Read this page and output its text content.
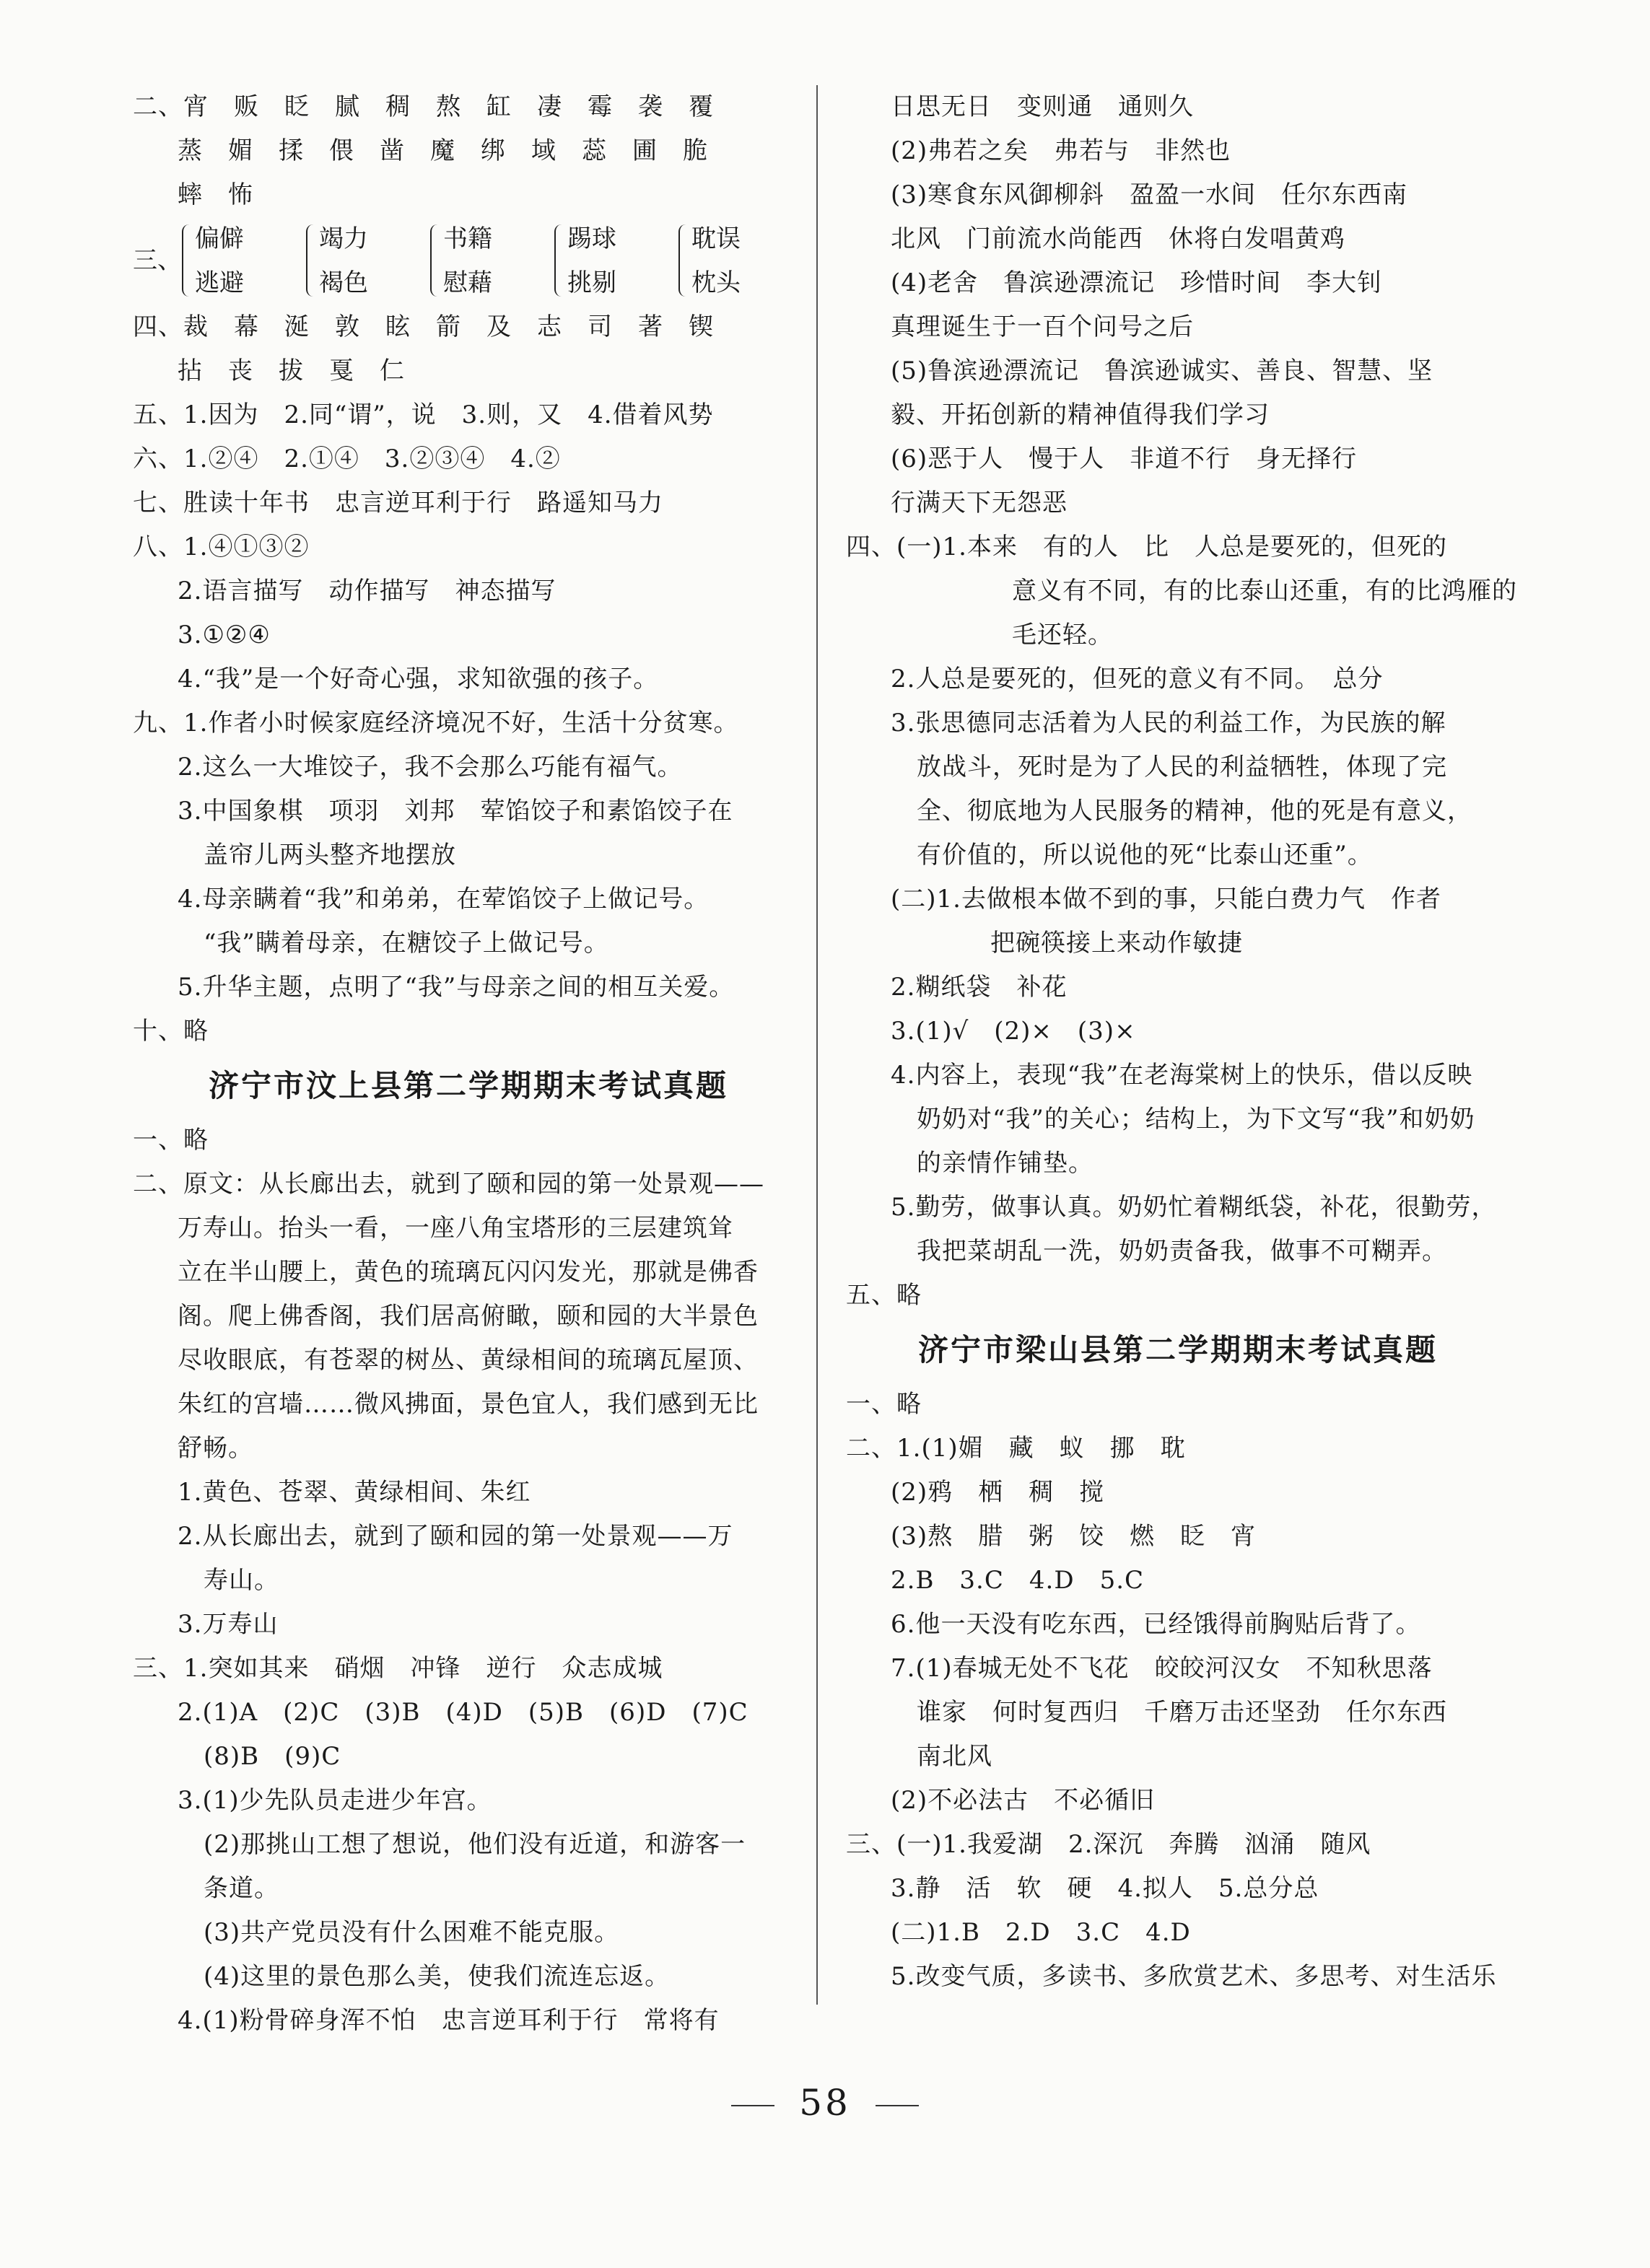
二、宵　贩　眨　腻　稠　熬　缸　凄　霉　袭　覆
蒸　媚　揉　偎　凿　魔　绑　域　蕊　圃　脆
蟀　怖
三、
偏僻
逃避
竭力
褐色
书籍
慰藉
踢球
挑剔
耽误
枕头
四、裁　幕　涎　敦　眩　箭　及　志　司　著　锲
拈　丧　拔　戛　仁
五、1.因为　2.同“谓”，说　3.则，又　4.借着风势
六、1.②④　2.①④　3.②③④　4.②
七、胜读十年书　忠言逆耳利于行　路遥知马力
八、1.④①③②
2.语言描写　动作描写　神态描写
3.①②④
4.“我”是一个好奇心强，求知欲强的孩子。
九、1.作者小时候家庭经济境况不好，生活十分贫寒。
2.这么一大堆饺子，我不会那么巧能有福气。
3.中国象棋　项羽　刘邦　荤馅饺子和素馅饺子在
盖帘儿两头整齐地摆放
4.母亲瞒着“我”和弟弟，在荤馅饺子上做记号。
“我”瞒着母亲，在糖饺子上做记号。
5.升华主题，点明了“我”与母亲之间的相互关爱。
十、略
济宁市汶上县第二学期期末考试真题
一、略
二、原文：从长廊出去，就到了颐和园的第一处景观——
万寿山。抬头一看，一座八角宝塔形的三层建筑耸
立在半山腰上，黄色的琉璃瓦闪闪发光，那就是佛香
阁。爬上佛香阁，我们居高俯瞰，颐和园的大半景色
尽收眼底，有苍翠的树丛、黄绿相间的琉璃瓦屋顶、
朱红的宫墙……微风拂面，景色宜人，我们感到无比
舒畅。
1.黄色、苍翠、黄绿相间、朱红
2.从长廊出去，就到了颐和园的第一处景观——万
寿山。
3.万寿山
三、1.突如其来　硝烟　冲锋　逆行　众志成城
2.(1)A　(2)C　(3)B　(4)D　(5)B　(6)D　(7)C
(8)B　(9)C
3.(1)少先队员走进少年宫。
(2)那挑山工想了想说，他们没有近道，和游客一
条道。
(3)共产党员没有什么困难不能克服。
(4)这里的景色那么美，使我们流连忘返。
4.(1)粉骨碎身浑不怕　忠言逆耳利于行　常将有
日思无日　变则通　通则久
(2)弗若之矣　弗若与　非然也
(3)寒食东风御柳斜　盈盈一水间　任尔东西南
北风　门前流水尚能西　休将白发唱黄鸡
(4)老舍　鲁滨逊漂流记　珍惜时间　李大钊
真理诞生于一百个问号之后
(5)鲁滨逊漂流记　鲁滨逊诚实、善良、智慧、坚
毅、开拓创新的精神值得我们学习
(6)恶于人　慢于人　非道不行　身无择行
行满天下无怨恶
四、(一)1.本来　有的人　比　人总是要死的，但死的
意义有不同，有的比泰山还重，有的比鸿雁的
毛还轻。
2.人总是要死的，但死的意义有不同。　总分
3.张思德同志活着为人民的利益工作，为民族的解
放战斗，死时是为了人民的利益牺牲，体现了完
全、彻底地为人民服务的精神，他的死是有意义，
有价值的，所以说他的死“比泰山还重”。
(二)1.去做根本做不到的事，只能白费力气　作者
把碗筷接上来动作敏捷
2.糊纸袋　补花
3.(1)√　(2)×　(3)×
4.内容上，表现“我”在老海棠树上的快乐，借以反映
奶奶对“我”的关心；结构上，为下文写“我”和奶奶
的亲情作铺垫。
5.勤劳，做事认真。奶奶忙着糊纸袋，补花，很勤劳，
我把菜胡乱一洗，奶奶责备我，做事不可糊弄。
五、略
济宁市梁山县第二学期期末考试真题
一、略
二、1.(1)媚　藏　蚁　挪　耽
(2)鸦　栖　稠　搅
(3)熬　腊　粥　饺　燃　眨　宵
2.B　3.C　4.D　5.C
6.他一天没有吃东西，已经饿得前胸贴后背了。
7.(1)春城无处不飞花　皎皎河汉女　不知秋思落
谁家　何时复西归　千磨万击还坚劲　任尔东西
南北风
(2)不必法古　不必循旧
三、(一)1.我爱湖　2.深沉　奔腾　汹涌　随风
3.静　活　软　硬　4.拟人　5.总分总
(二)1.B　2.D　3.C　4.D
5.改变气质，多读书、多欣赏艺术、多思考、对生活乐
58
